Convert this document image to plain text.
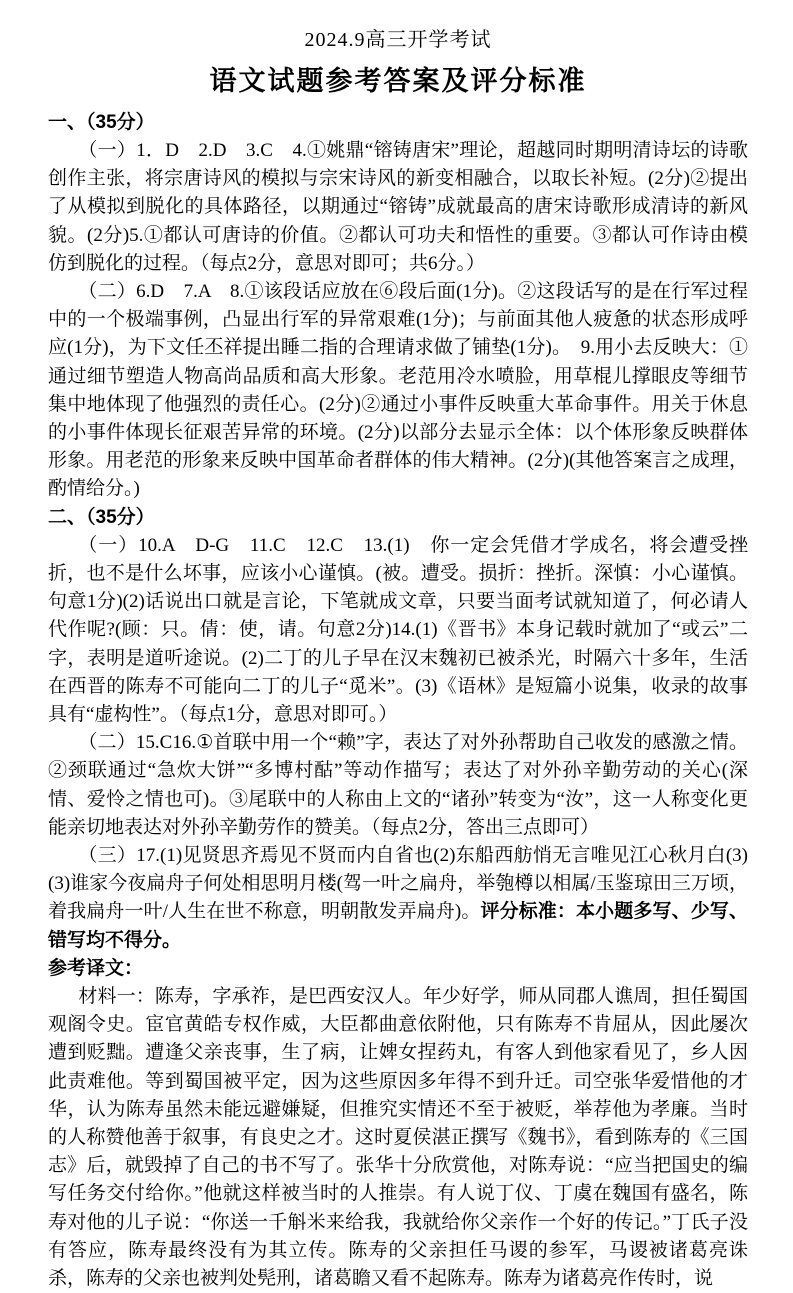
2024.9高三开学考试
语文试题参考答案及评分标准
一、（35分）

（一）1．D　2.D　3.C　4.①姚鼎“镕铸唐宋”理论，超越同时期明清诗坛的诗歌创作主张，将宗唐诗风的模拟与宗宋诗风的新变相融合，以取长补短。(2分)②提出了从模拟到脱化的具体路径，以期通过“镕铸”成就最高的唐宋诗歌形成清诗的新风貌。(2分)5.①都认可唐诗的价值。②都认可功夫和悟性的重要。③都认可作诗由模仿到脱化的过程。（每点2分，意思对即可；共6分。）

（二）6.D　7.A　8.①该段话应放在⑥段后面(1分)。②这段话写的是在行军过程中的一个极端事例，凸显出行军的异常艰难(1分)；与前面其他人疲惫的状态形成呼应(1分)，为下文任丕祥提出睡二指的合理请求做了铺垫(1分)。　9.用小去反映大：①通过细节塑造人物高尚品质和高大形象。老范用冷水喷脸，用草棍儿撑眼皮等细节集中地体现了他强烈的责任心。(2分)②通过小事件反映重大革命事件。用关于休息的小事件体现长征艰苦异常的环境。(2分)以部分去显示全体：以个体形象反映群体形象。用老范的形象来反映中国革命者群体的伟大精神。(2分)(其他答案言之成理，酌情给分。)

二、（35分）

（一）10.A　D-G　11.C　12.C　13.(1)　你一定会凭借才学成名，将会遭受挫折，也不是什么坏事，应该小心谨慎。(被。遭受。损折：挫折。深慎：小心谨慎。句意1分)(2)话说出口就是言论，下笔就成文章，只要当面考试就知道了，何必请人代作呢?(顾：只。倩：使，请。句意2分)14.(1)《晋书》本身记载时就加了“或云”二字，表明是道听途说。(2)二丁的儿子早在汉末魏初已被杀光，时隔六十多年，生活在西晋的陈寿不可能向二丁的儿子“觅米”。(3)《语林》是短篇小说集，收录的故事具有“虚构性”。（每点1分，意思对即可。）

（二）15.C16.①首联中用一个“赖”字，表达了对外孙帮助自己收发的感激之情。②颈联通过“急炊大饼”“多博村酤”等动作描写；表达了对外孙辛勤劳动的关心(深情、爱怜之情也可)。③尾联中的人称由上文的“诸孙”转变为“汝”，这一人称变化更能亲切地表达对外孙辛勤劳作的赞美。（每点2分，答出三点即可）

（三）17.(1)见贤思齐焉见不贤而内自省也(2)东船西舫悄无言唯见江心秋月白(3)(3)谁家今夜扁舟子何处相思明月楼(驾一叶之扁舟，举匏樽以相属/玉鉴琼田三万顷，着我扁舟一叶/人生在世不称意，明朝散发弄扁舟)。评分标准：本小题多写、少写、错写均不得分。

参考译文：

材料一：陈寿，字承祚，是巴西安汉人。年少好学，师从同郡人谯周，担任蜀国观阁令史。宦官黄皓专权作威，大臣都曲意依附他，只有陈寿不肯屈从，因此屡次遭到贬黜。遭逢父亲丧事，生了病，让婢女捏药丸，有客人到他家看见了，乡人因此责难他。等到蜀国被平定，因为这些原因多年得不到升迁。司空张华爱惜他的才华，认为陈寿虽然未能远避嫌疑，但推究实情还不至于被贬，举荐他为孝廉。当时的人称赞他善于叙事，有良史之才。这时夏侯湛正撰写《魏书》，看到陈寿的《三国志》后，就毁掉了自己的书不写了。张华十分欣赏他，对陈寿说：“应当把国史的编写任务交付给你。”他就这样被当时的人推崇。有人说丁仪、丁虞在魏国有盛名，陈寿对他的儿子说：“你送一千斛米来给我，我就给你父亲作一个好的传记。”丁氏子没有答应，陈寿最终没有为其立传。陈寿的父亲担任马谡的参军，马谡被诸葛亮诛杀，陈寿的父亲也被判处髡刑，诸葛瞻又看不起陈寿。陈寿为诸葛亮作传时，说
